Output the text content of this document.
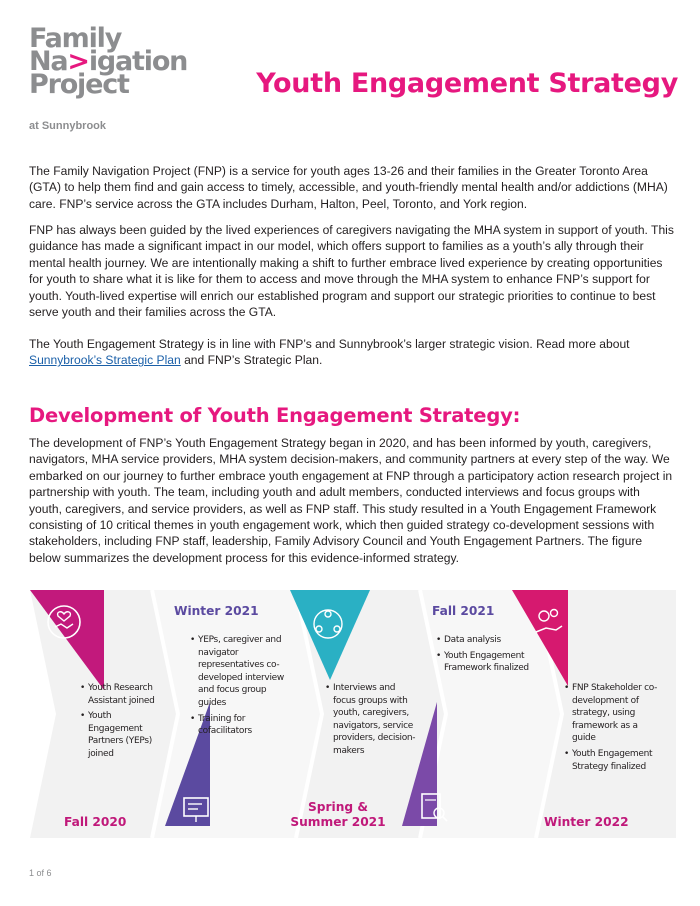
Family
Na>igation
Project
at Sunnybrook
Youth Engagement Strategy

The Family Navigation Project (FNP) is a service for youth ages 13-26 and their families in the Greater Toronto Area (GTA) to help them find and gain access to timely, accessible, and youth-friendly mental health and/or addictions (MHA) care. FNP’s service across the GTA includes Durham, Halton, Peel, Toronto, and York region.

FNP has always been guided by the lived experiences of caregivers navigating the MHA system in support of youth. This guidance has made a significant impact in our model, which offers support to families as a youth’s ally through their mental health journey. We are intentionally making a shift to further embrace lived experience by creating opportunities for youth to share what it is like for them to access and move through the MHA system to enhance FNP’s support for youth. Youth-lived expertise will enrich our established program and support our strategic priorities to continue to best serve youth and their families across the GTA.

The Youth Engagement Strategy is in line with FNP’s and Sunnybrook’s larger strategic vision. Read more about Sunnybrook’s Strategic Plan and FNP’s Strategic Plan.

Development of Youth Engagement Strategy:

The development of FNP’s Youth Engagement Strategy began in 2020, and has been informed by youth, caregivers, navigators, MHA service providers, MHA system decision-makers, and community partners at every step of the way. We embarked on our journey to further embrace youth engagement at FNP through a participatory action research project in partnership with youth. The team, including youth and adult members, conducted interviews and focus groups with youth, caregivers, and service providers, as well as FNP staff. This study resulted in a Youth Engagement Framework consisting of 10 critical themes in youth engagement work, which then guided strategy co-development sessions with stakeholders, including FNP staff, leadership, Family Advisory Council and Youth Engagement Partners. The figure below summarizes the development process for this evidence-informed strategy.

• Youth Research Assistant joined
• Youth Engagement Partners (YEPs) joined
Fall 2020
Winter 2021
• YEPs, caregiver and navigator representatives co-developed interview and focus group guides
• Training for cofacilitators
• Interviews and focus groups with youth, caregivers, navigators, service providers, decision-makers
Spring &
Summer 2021
Fall 2021
• Data analysis
• Youth Engagement Framework finalized
• FNP Stakeholder co-development of strategy, using framework as a guide
• Youth Engagement Strategy finalized
Winter 2022
1 of 6
